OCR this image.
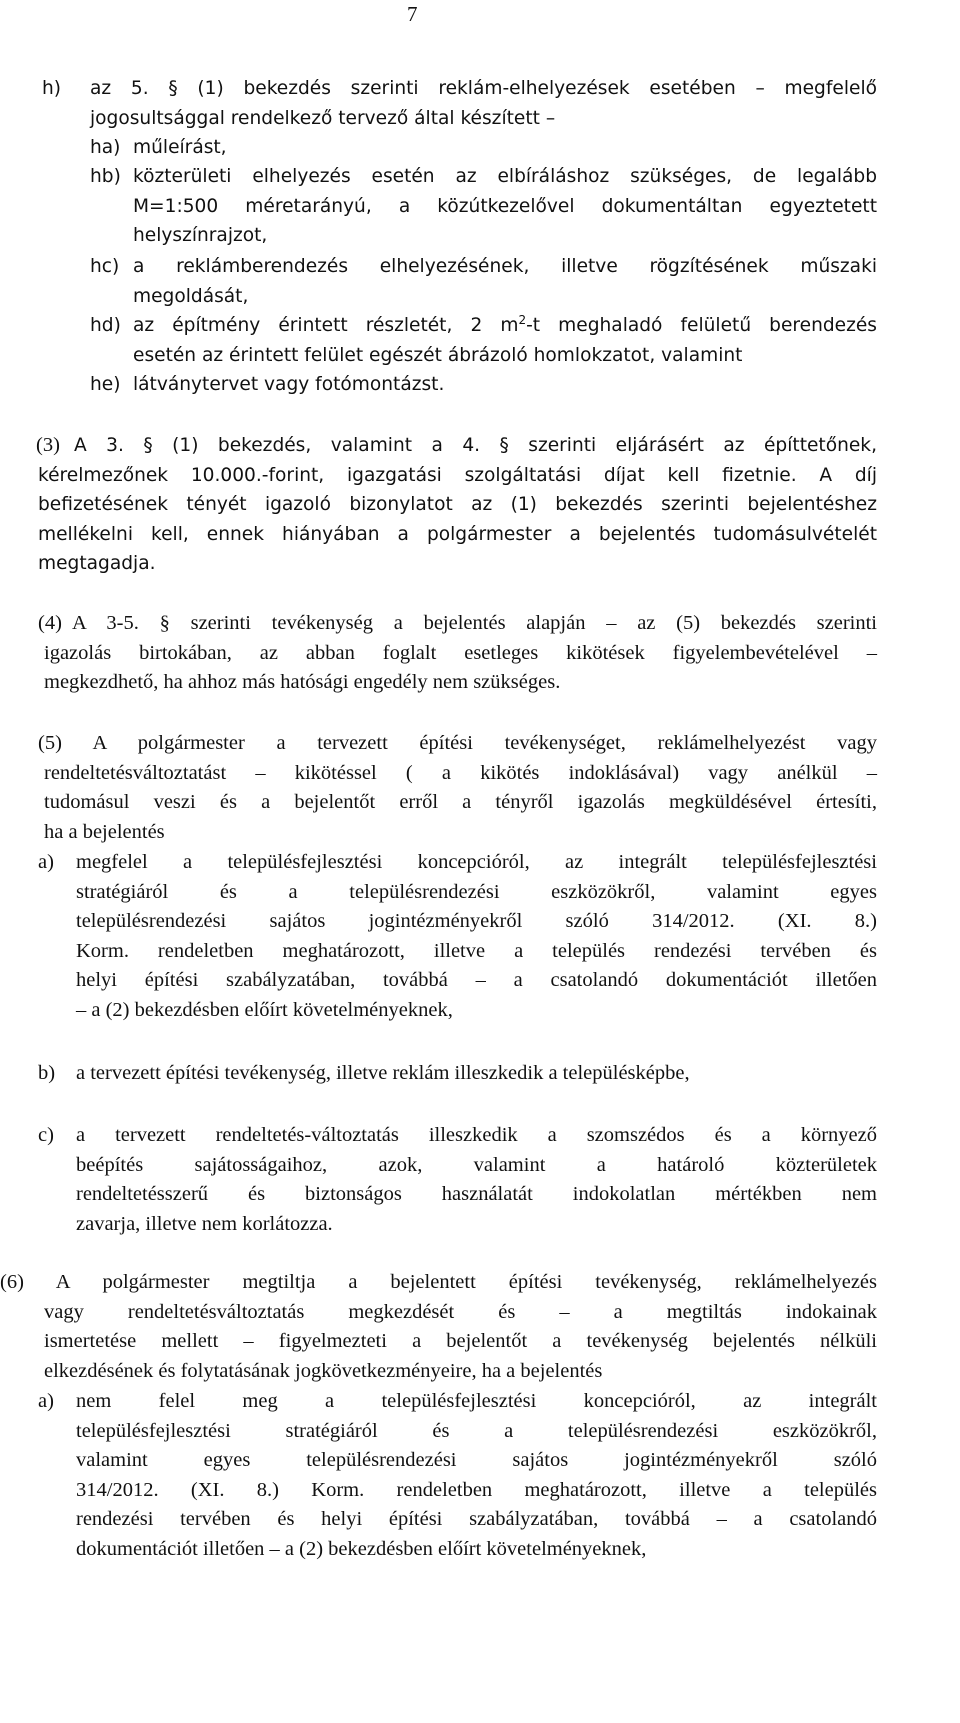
7
h) az 5. § (1) bekezdés szerinti reklám-elhelyezések esetében – megfelelő
jogosultsággal rendelkező tervező által készített –
ha) műleírást,
hb) közterületi elhelyezés esetén az elbíráláshoz szükséges, de legalább
M=1:500 méretarányú, a közútkezelővel dokumentáltan egyeztetett
helyszínrajzot,
hc) a reklámberendezés elhelyezésének, illetve rögzítésének műszaki
megoldását,
hd) az építmény érintett részletét, 2 $m^2-t$ meghaladó felületű berendezés
esetén az érintett felület egészét ábrázoló homlokzatot, valamint
he) látványtervet vagy fotómontázst.
(3) A 3. § (1) bekezdés, valamint a 4. § szerinti eljárásért az építtetőnek,
kérelmezőnek 10.000.-forint, igazgatási szolgáltatási díjat kell fizetnie. A díj
befizetésének tényét igazoló bizonylatot az (1) bekezdés szerinti bejelentéshez
mellékelni kell, ennek hiányában a polgármester a bejelentés tudomásulvételét
megtagadja.
(4) A 3-5. § szerinti tevékenység a bejelentés alapján – az (5) bekezdés szerinti
igazolás birtokában, az abban foglalt esetleges kikötések figyelembevételével –
megkezdhető, ha ahhoz más hatósági engedély nem szükséges.
(5) A polgármester a tervezett építési tevékenységet, reklámelhelyezést vagy
rendeltetésváltoztatást – kikötéssel ( a kikötés indoklásával) vagy anélkül –
tudomásul veszi és a bejelentőt erről a tényről igazolás megküldésével értesíti,
ha a bejelentés
a) megfelel a településfejlesztési koncepcióról, az integrált településfejlesztési
stratégiáról és a településrendezési eszközökről, valamint egyes
településrendezési sajátos jogintézményekről szóló 314/2012. (XI. 8.)
Korm. rendeletben meghatározott, illetve a település rendezési tervében és
helyi építési szabályzatában, továbbá – a csatolandó dokumentációt illetően
– a (2) bekezdésben előírt követelményeknek,
b) a tervezett építési tevékenység, illetve reklám illeszkedik a településképbe,
c) a tervezett rendeltetés-változtatás illeszkedik a szomszédos és a környező
beépítés sajátosságaihoz, azok, valamint a határoló közterületek
rendeltetésszerű és biztonságos használatát indokolatlan mértékben nem
zavarja, illetve nem korlátozza.
(6) A polgármester megtiltja a bejelentett építési tevékenység, reklámelhelyezés
vagy rendeltetésváltoztatás megkezdését és – a megtiltás indokainak
ismertetése mellett – figyelmezteti a bejelentőt a tevékenység bejelentés nélküli
elkezdésének és folytatásának jogkövetkezményeire, ha a bejelentés
a) nem felel meg a településfejlesztési koncepcióról, az integrált
településfejlesztési stratégiáról és a településrendezési eszközökről,
valamint egyes településrendezési sajátos jogintézményekről szóló
314/2012. (XI. 8.) Korm. rendeletben meghatározott, illetve a település
rendezési tervében és helyi építési szabályzatában, továbbá – a csatolandó
dokumentációt illetően – a (2) bekezdésben előírt követelményeknek,
